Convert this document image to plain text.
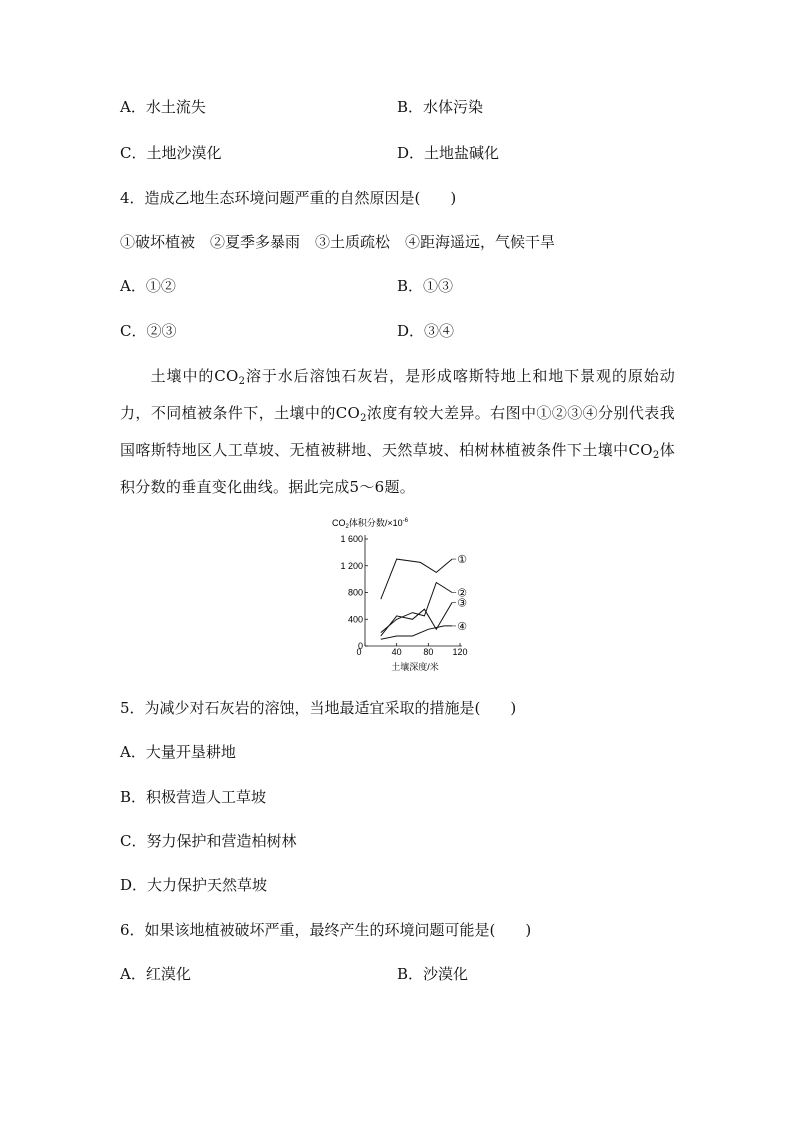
A．水土流失	B．水体污染
C．土地沙漠化	D．土地盐碱化
4．造成乙地生态环境问题严重的自然原因是(　　)
①破坏植被　②夏季多暴雨　③土质疏松　④距海遥远，气候干旱
A．①②	B．①③
C．②③	D．③④
土壤中的$CO_2$溶于水后溶蚀石灰岩，是形成喀斯特地上和地下景观的原始动力，不同植被条件下，土壤中的$CO_2$浓度有较大差异。右图中①②③④分别代表我国喀斯特地区人工草坡、无植被耕地、天然草坡、柏树林植被条件下土壤中$CO_2$体积分数的垂直变化曲线。据此完成5～6题。
$CO_2$体积分数$/\times 10^{-6}$
0
400
800
1 200
1 600
0	40 80 120
①
②
③
④
土壤深度/米
5．为减少对石灰岩的溶蚀，当地最适宜采取的措施是(　　)
A．大量开垦耕地
B．积极营造人工草坡
C．努力保护和营造柏树林
D．大力保护天然草坡
6．如果该地植被破坏严重，最终产生的环境问题可能是(　　)
A．红漠化	B．沙漠化
